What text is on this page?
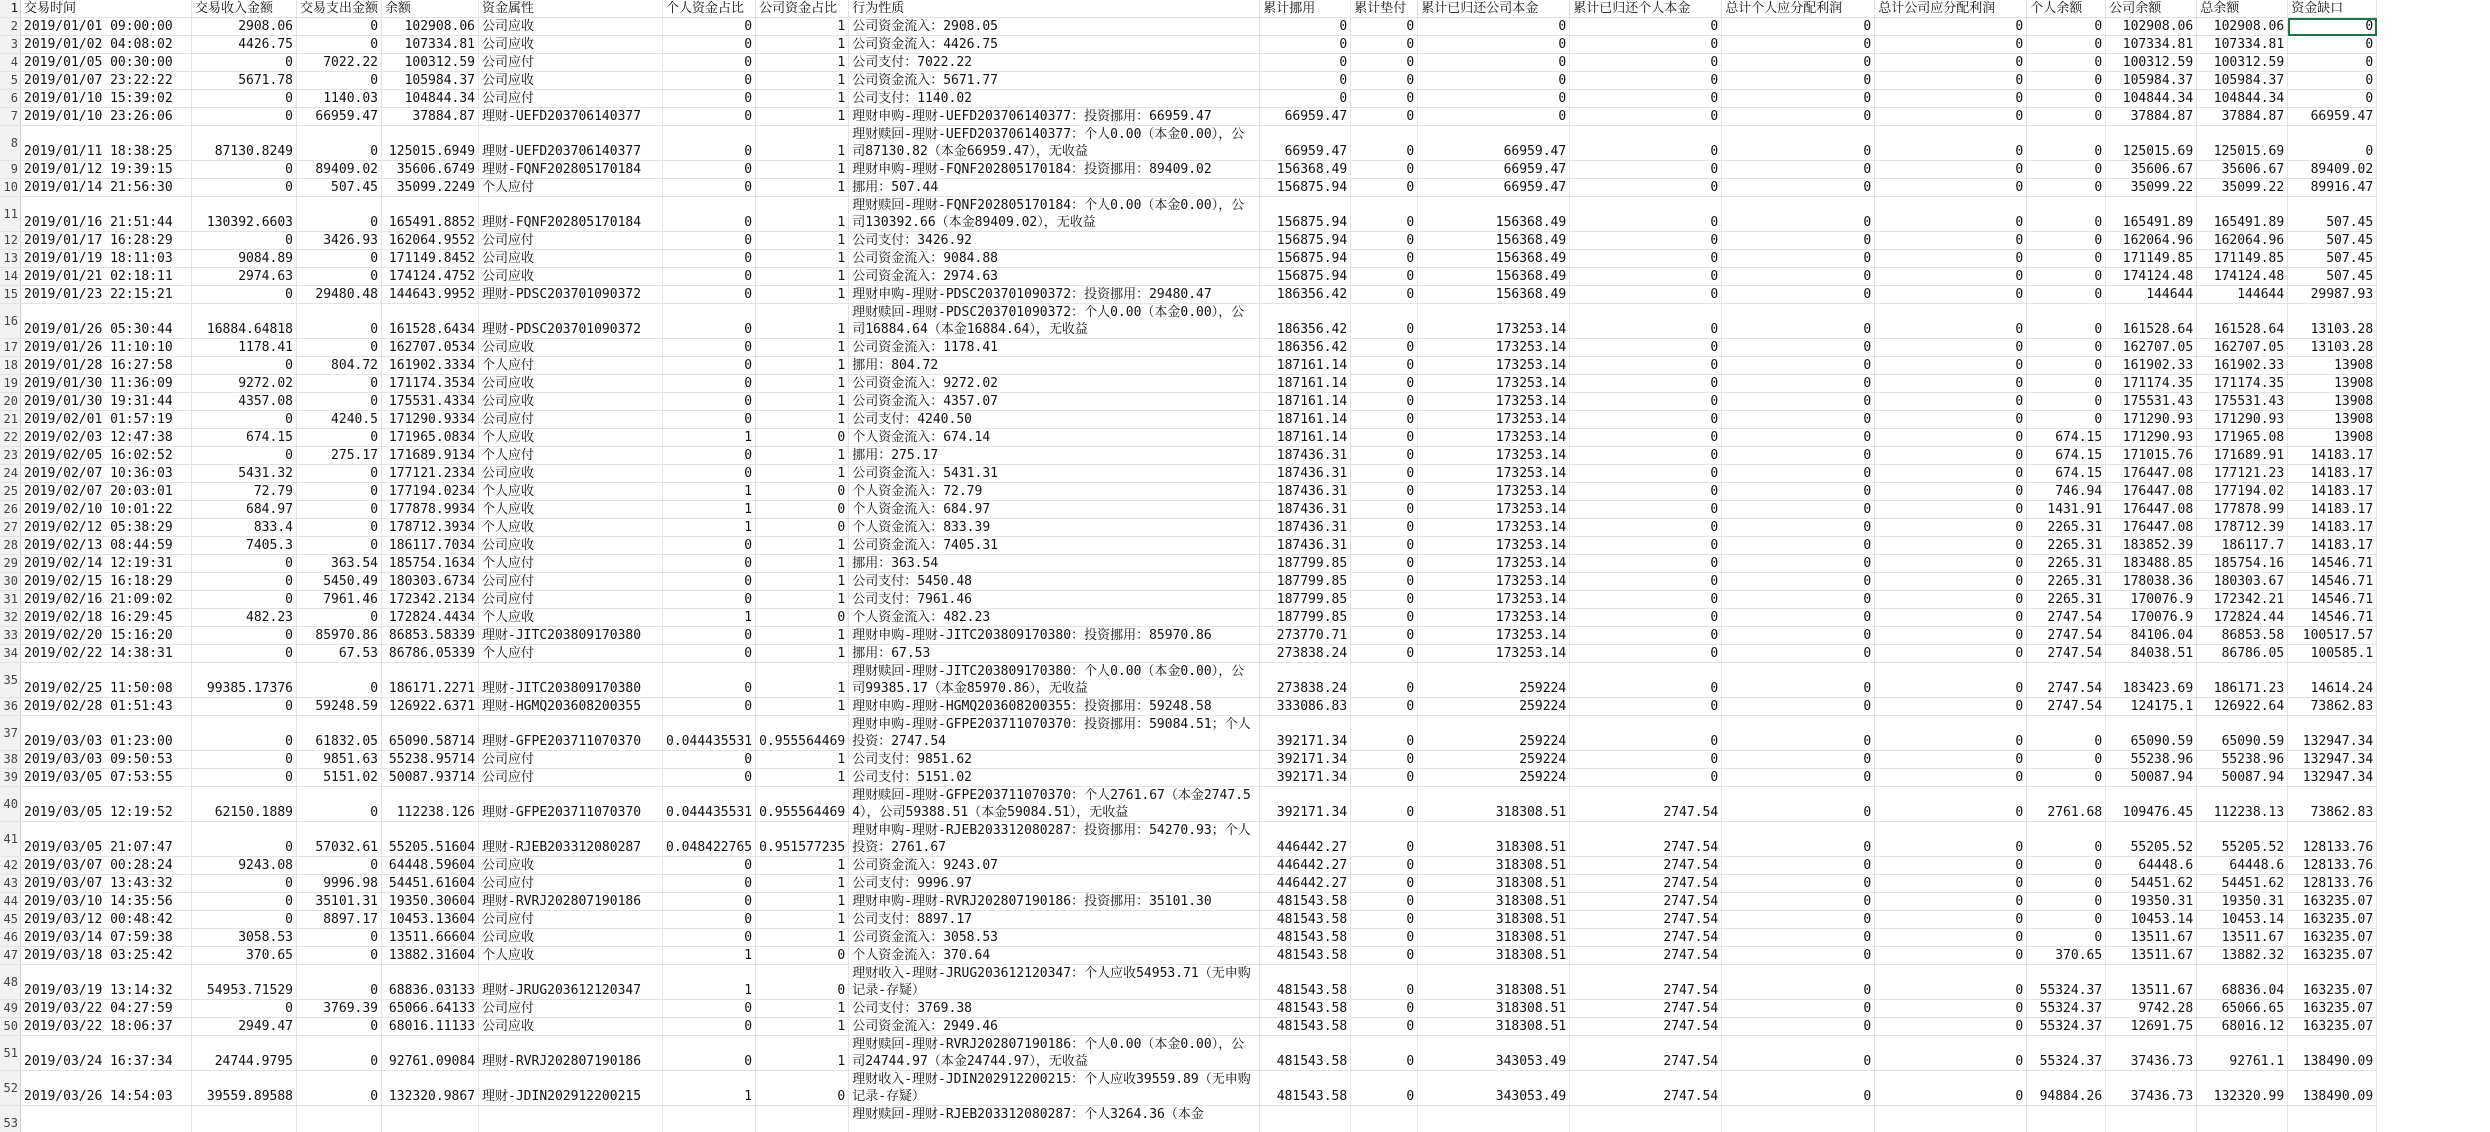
1	交易时间	交易收入金额	交易支出金额	余额	资金属性	个人资金占比	公司资金占比	行为性质	累计挪用	累计垫付	累计已归还公司本金	累计已归还个人本金	总计个人应分配利润	总计公司应分配利润	个人余额	公司余额	总余额	资金缺口
2	2019/01/01 09:00:00	2908.06	0	102908.06	公司应收	0	1	公司资金流入：2908.05	0	0	0	0	0	0	0	102908.06	102908.06	0
3	2019/01/02 04:08:02	4426.75	0	107334.81	公司应收	0	1	公司资金流入：4426.75	0	0	0	0	0	0	0	107334.81	107334.81	0
4	2019/01/05 00:30:00	0	7022.22	100312.59	公司应付	0	1	公司支付：7022.22	0	0	0	0	0	0	0	100312.59	100312.59	0
5	2019/01/07 23:22:22	5671.78	0	105984.37	公司应收	0	1	公司资金流入：5671.77	0	0	0	0	0	0	0	105984.37	105984.37	0
6	2019/01/10 15:39:02	0	1140.03	104844.34	公司应付	0	1	公司支付：1140.02	0	0	0	0	0	0	0	104844.34	104844.34	0
7	2019/01/10 23:26:06	0	66959.47	37884.87	理财-UEFD203706140377	0	1	理财申购-理财-UEFD203706140377：投资挪用：66959.47	66959.47	0	0	0	0	0	0	37884.87	37884.87	66959.47
8	2019/01/11 18:38:25	87130.8249	0	125015.6949	理财-UEFD203706140377	0	1	理财赎回-理财-UEFD203706140377：个人0.00（本金0.00），公司87130.82（本金66959.47），无收益	66959.47	0	66959.47	0	0	0	0	125015.69	125015.69	0
9	2019/01/12 19:39:15	0	89409.02	35606.6749	理财-FQNF202805170184	0	1	理财申购-理财-FQNF202805170184：投资挪用：89409.02	156368.49	0	66959.47	0	0	0	0	35606.67	35606.67	89409.02
10	2019/01/14 21:56:30	0	507.45	35099.2249	个人应付	0	1	挪用：507.44	156875.94	0	66959.47	0	0	0	0	35099.22	35099.22	89916.47
11	2019/01/16 21:51:44	130392.6603	0	165491.8852	理财-FQNF202805170184	0	1	理财赎回-理财-FQNF202805170184：个人0.00（本金0.00），公司130392.66（本金89409.02），无收益	156875.94	0	156368.49	0	0	0	0	165491.89	165491.89	507.45
12	2019/01/17 16:28:29	0	3426.93	162064.9552	公司应付	0	1	公司支付：3426.92	156875.94	0	156368.49	0	0	0	0	162064.96	162064.96	507.45
13	2019/01/19 18:11:03	9084.89	0	171149.8452	公司应收	0	1	公司资金流入：9084.88	156875.94	0	156368.49	0	0	0	0	171149.85	171149.85	507.45
14	2019/01/21 02:18:11	2974.63	0	174124.4752	公司应收	0	1	公司资金流入：2974.63	156875.94	0	156368.49	0	0	0	0	174124.48	174124.48	507.45
15	2019/01/23 22:15:21	0	29480.48	144643.9952	理财-PDSC203701090372	0	1	理财申购-理财-PDSC203701090372：投资挪用：29480.47	186356.42	0	156368.49	0	0	0	0	144644	144644	29987.93
16	2019/01/26 05:30:44	16884.64818	0	161528.6434	理财-PDSC203701090372	0	1	理财赎回-理财-PDSC203701090372：个人0.00（本金0.00），公司16884.64（本金16884.64），无收益	186356.42	0	173253.14	0	0	0	0	161528.64	161528.64	13103.28
17	2019/01/26 11:10:10	1178.41	0	162707.0534	公司应收	0	1	公司资金流入：1178.41	186356.42	0	173253.14	0	0	0	0	162707.05	162707.05	13103.28
18	2019/01/28 16:27:58	0	804.72	161902.3334	个人应付	0	1	挪用：804.72	187161.14	0	173253.14	0	0	0	0	161902.33	161902.33	13908
19	2019/01/30 11:36:09	9272.02	0	171174.3534	公司应收	0	1	公司资金流入：9272.02	187161.14	0	173253.14	0	0	0	0	171174.35	171174.35	13908
20	2019/01/30 19:31:44	4357.08	0	175531.4334	公司应收	0	1	公司资金流入：4357.07	187161.14	0	173253.14	0	0	0	0	175531.43	175531.43	13908
21	2019/02/01 01:57:19	0	4240.5	171290.9334	公司应付	0	1	公司支付：4240.50	187161.14	0	173253.14	0	0	0	0	171290.93	171290.93	13908
22	2019/02/03 12:47:38	674.15	0	171965.0834	个人应收	1	0	个人资金流入：674.14	187161.14	0	173253.14	0	0	0	674.15	171290.93	171965.08	13908
23	2019/02/05 16:02:52	0	275.17	171689.9134	个人应付	0	1	挪用：275.17	187436.31	0	173253.14	0	0	0	674.15	171015.76	171689.91	14183.17
24	2019/02/07 10:36:03	5431.32	0	177121.2334	公司应收	0	1	公司资金流入：5431.31	187436.31	0	173253.14	0	0	0	674.15	176447.08	177121.23	14183.17
25	2019/02/07 20:03:01	72.79	0	177194.0234	个人应收	1	0	个人资金流入：72.79	187436.31	0	173253.14	0	0	0	746.94	176447.08	177194.02	14183.17
26	2019/02/10 10:01:22	684.97	0	177878.9934	个人应收	1	0	个人资金流入：684.97	187436.31	0	173253.14	0	0	0	1431.91	176447.08	177878.99	14183.17
27	2019/02/12 05:38:29	833.4	0	178712.3934	个人应收	1	0	个人资金流入：833.39	187436.31	0	173253.14	0	0	0	2265.31	176447.08	178712.39	14183.17
28	2019/02/13 08:44:59	7405.3	0	186117.7034	公司应收	0	1	公司资金流入：7405.31	187436.31	0	173253.14	0	0	0	2265.31	183852.39	186117.7	14183.17
29	2019/02/14 12:19:31	0	363.54	185754.1634	个人应付	0	1	挪用：363.54	187799.85	0	173253.14	0	0	0	2265.31	183488.85	185754.16	14546.71
30	2019/02/15 16:18:29	0	5450.49	180303.6734	公司应付	0	1	公司支付：5450.48	187799.85	0	173253.14	0	0	0	2265.31	178038.36	180303.67	14546.71
31	2019/02/16 21:09:02	0	7961.46	172342.2134	公司应付	0	1	公司支付：7961.46	187799.85	0	173253.14	0	0	0	2265.31	170076.9	172342.21	14546.71
32	2019/02/18 16:29:45	482.23	0	172824.4434	个人应收	1	0	个人资金流入：482.23	187799.85	0	173253.14	0	0	0	2747.54	170076.9	172824.44	14546.71
33	2019/02/20 15:16:20	0	85970.86	86853.58339	理财-JITC203809170380	0	1	理财申购-理财-JITC203809170380：投资挪用：85970.86	273770.71	0	173253.14	0	0	0	2747.54	84106.04	86853.58	100517.57
34	2019/02/22 14:38:31	0	67.53	86786.05339	个人应付	0	1	挪用：67.53	273838.24	0	173253.14	0	0	0	2747.54	84038.51	86786.05	100585.1
35	2019/02/25 11:50:08	99385.17376	0	186171.2271	理财-JITC203809170380	0	1	理财赎回-理财-JITC203809170380：个人0.00（本金0.00），公司99385.17（本金85970.86），无收益	273838.24	0	259224	0	0	0	2747.54	183423.69	186171.23	14614.24
36	2019/02/28 01:51:43	0	59248.59	126922.6371	理财-HGMQ203608200355	0	1	理财申购-理财-HGMQ203608200355：投资挪用：59248.58	333086.83	0	259224	0	0	0	2747.54	124175.1	126922.64	73862.83
37	2019/03/03 01:23:00	0	61832.05	65090.58714	理财-GFPE203711070370	0.044435531	0.955564469	理财申购-理财-GFPE203711070370：投资挪用：59084.51；个人投资：2747.54	392171.34	0	259224	0	0	0	0	65090.59	65090.59	132947.34
38	2019/03/03 09:50:53	0	9851.63	55238.95714	公司应付	0	1	公司支付：9851.62	392171.34	0	259224	0	0	0	0	55238.96	55238.96	132947.34
39	2019/03/05 07:53:55	0	5151.02	50087.93714	公司应付	0	1	公司支付：5151.02	392171.34	0	259224	0	0	0	0	50087.94	50087.94	132947.34
40	2019/03/05 12:19:52	62150.1889	0	112238.126	理财-GFPE203711070370	0.044435531	0.955564469	理财赎回-理财-GFPE203711070370：个人2761.67（本金2747.54），公司59388.51（本金59084.51），无收益	392171.34	0	318308.51	2747.54	0	0	2761.68	109476.45	112238.13	73862.83
41	2019/03/05 21:07:47	0	57032.61	55205.51604	理财-RJEB203312080287	0.048422765	0.951577235	理财申购-理财-RJEB203312080287：投资挪用：54270.93；个人投资：2761.67	446442.27	0	318308.51	2747.54	0	0	0	55205.52	55205.52	128133.76
42	2019/03/07 00:28:24	9243.08	0	64448.59604	公司应收	0	1	公司资金流入：9243.07	446442.27	0	318308.51	2747.54	0	0	0	64448.6	64448.6	128133.76
43	2019/03/07 13:43:32	0	9996.98	54451.61604	公司应付	0	1	公司支付：9996.97	446442.27	0	318308.51	2747.54	0	0	0	54451.62	54451.62	128133.76
44	2019/03/10 14:35:56	0	35101.31	19350.30604	理财-RVRJ202807190186	0	1	理财申购-理财-RVRJ202807190186：投资挪用：35101.30	481543.58	0	318308.51	2747.54	0	0	0	19350.31	19350.31	163235.07
45	2019/03/12 00:48:42	0	8897.17	10453.13604	公司应付	0	1	公司支付：8897.17	481543.58	0	318308.51	2747.54	0	0	0	10453.14	10453.14	163235.07
46	2019/03/14 07:59:38	3058.53	0	13511.66604	公司应收	0	1	公司资金流入：3058.53	481543.58	0	318308.51	2747.54	0	0	0	13511.67	13511.67	163235.07
47	2019/03/18 03:25:42	370.65	0	13882.31604	个人应收	1	0	个人资金流入：370.64	481543.58	0	318308.51	2747.54	0	0	370.65	13511.67	13882.32	163235.07
48	2019/03/19 13:14:32	54953.71529	0	68836.03133	理财-JRUG203612120347	1	0	理财收入-理财-JRUG203612120347：个人应收54953.71（无申购记录-存疑）	481543.58	0	318308.51	2747.54	0	0	55324.37	13511.67	68836.04	163235.07
49	2019/03/22 04:27:59	0	3769.39	65066.64133	公司应付	0	1	公司支付：3769.38	481543.58	0	318308.51	2747.54	0	0	55324.37	9742.28	65066.65	163235.07
50	2019/03/22 18:06:37	2949.47	0	68016.11133	公司应收	0	1	公司资金流入：2949.46	481543.58	0	318308.51	2747.54	0	0	55324.37	12691.75	68016.12	163235.07
51	2019/03/24 16:37:34	24744.9795	0	92761.09084	理财-RVRJ202807190186	0	1	理财赎回-理财-RVRJ202807190186：个人0.00（本金0.00），公司24744.97（本金24744.97），无收益	481543.58	0	343053.49	2747.54	0	0	55324.37	37436.73	92761.1	138490.09
52	2019/03/26 14:54:03	39559.89588	0	132320.9867	理财-JDIN202912200215	1	0	理财收入-理财-JDIN202912200215：个人应收39559.89（无申购记录-存疑）	481543.58	0	343053.49	2747.54	0	0	94884.26	37436.73	132320.99	138490.09
53								理财赎回-理财-RJEB203312080287：个人3264.36（本金										
